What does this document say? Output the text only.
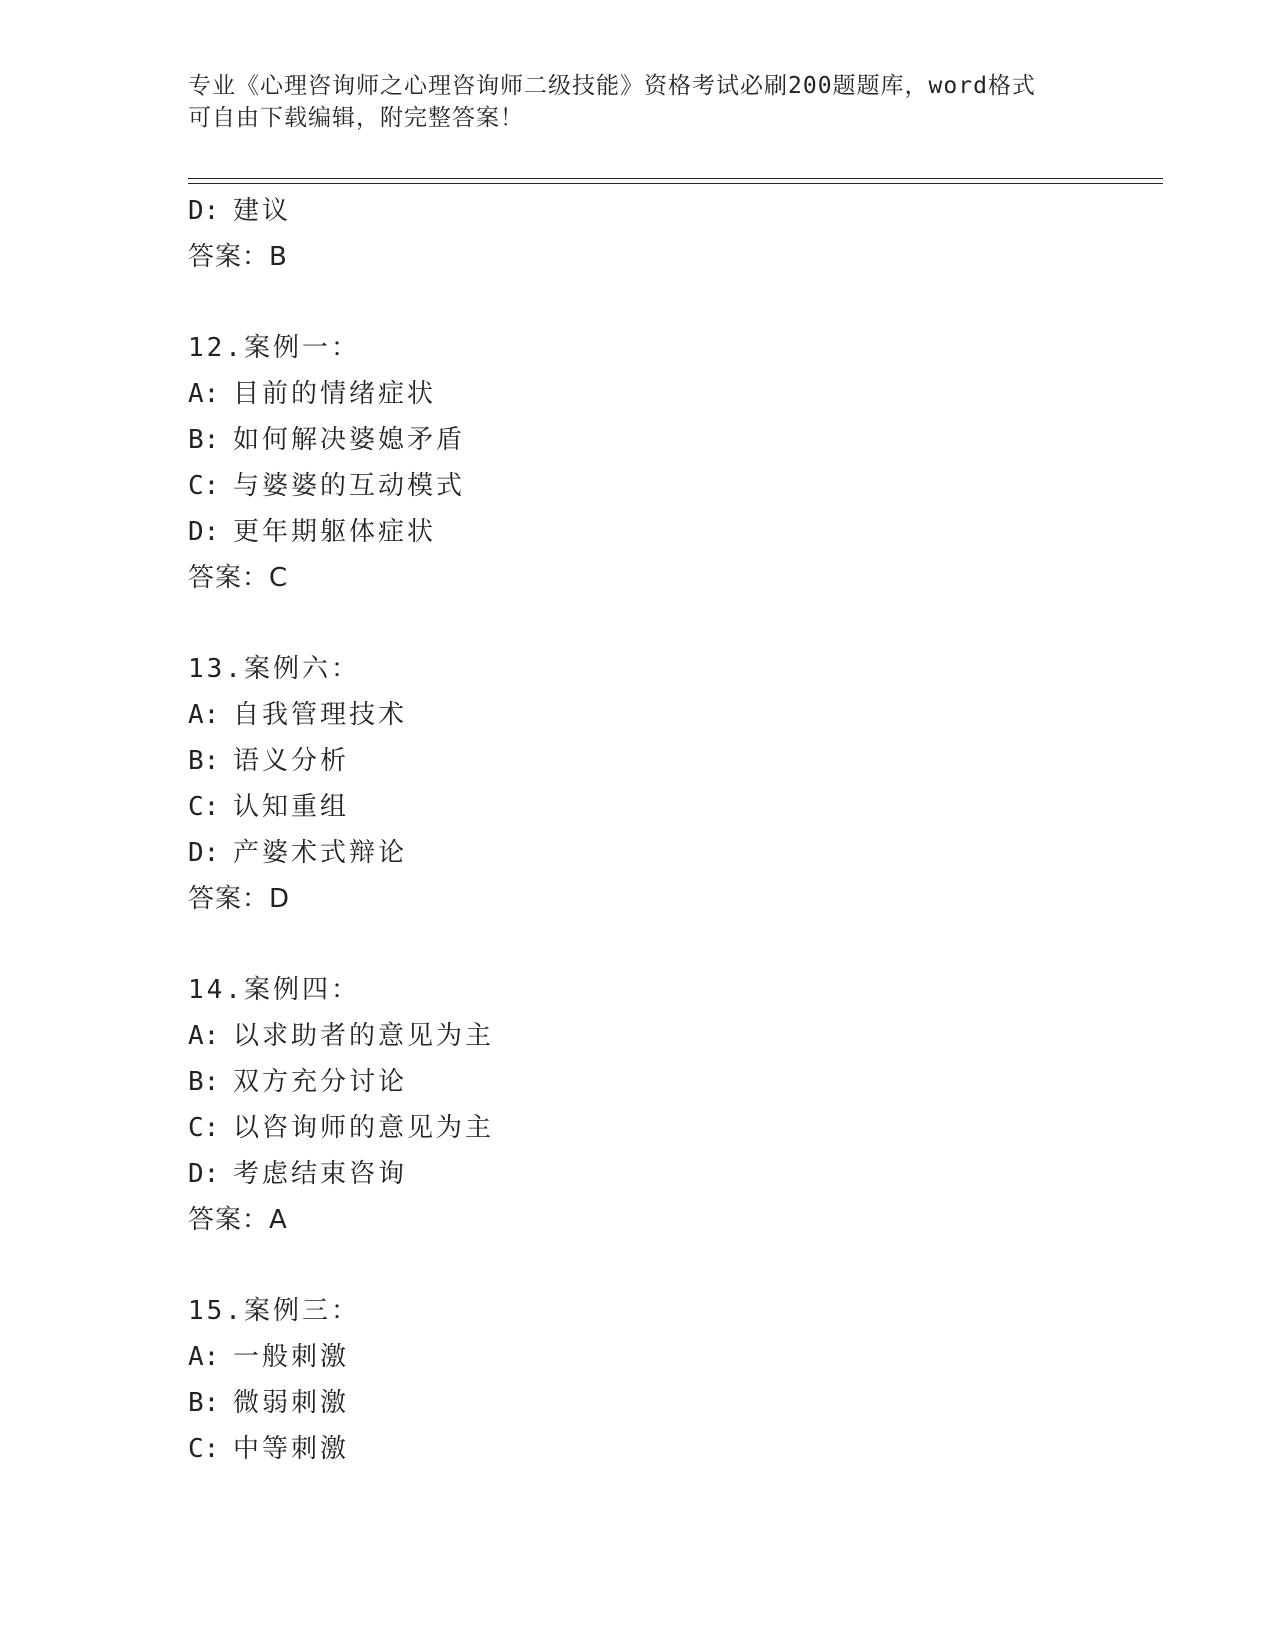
专业《心理咨询师之心理咨询师二级技能》资格考试必刷200题题库，word格式
可自由下载编辑，附完整答案！
D: 建议
答案：B
12.案例一：
A: 目前的情绪症状
B: 如何解决婆媳矛盾
C: 与婆婆的互动模式
D: 更年期躯体症状
答案：C
13.案例六：
A: 自我管理技术
B: 语义分析
C: 认知重组
D: 产婆术式辩论
答案：D
14.案例四：
A: 以求助者的意见为主
B: 双方充分讨论
C: 以咨询师的意见为主
D: 考虑结束咨询
答案：A
15.案例三：
A: 一般刺激
B: 微弱刺激
C: 中等刺激
